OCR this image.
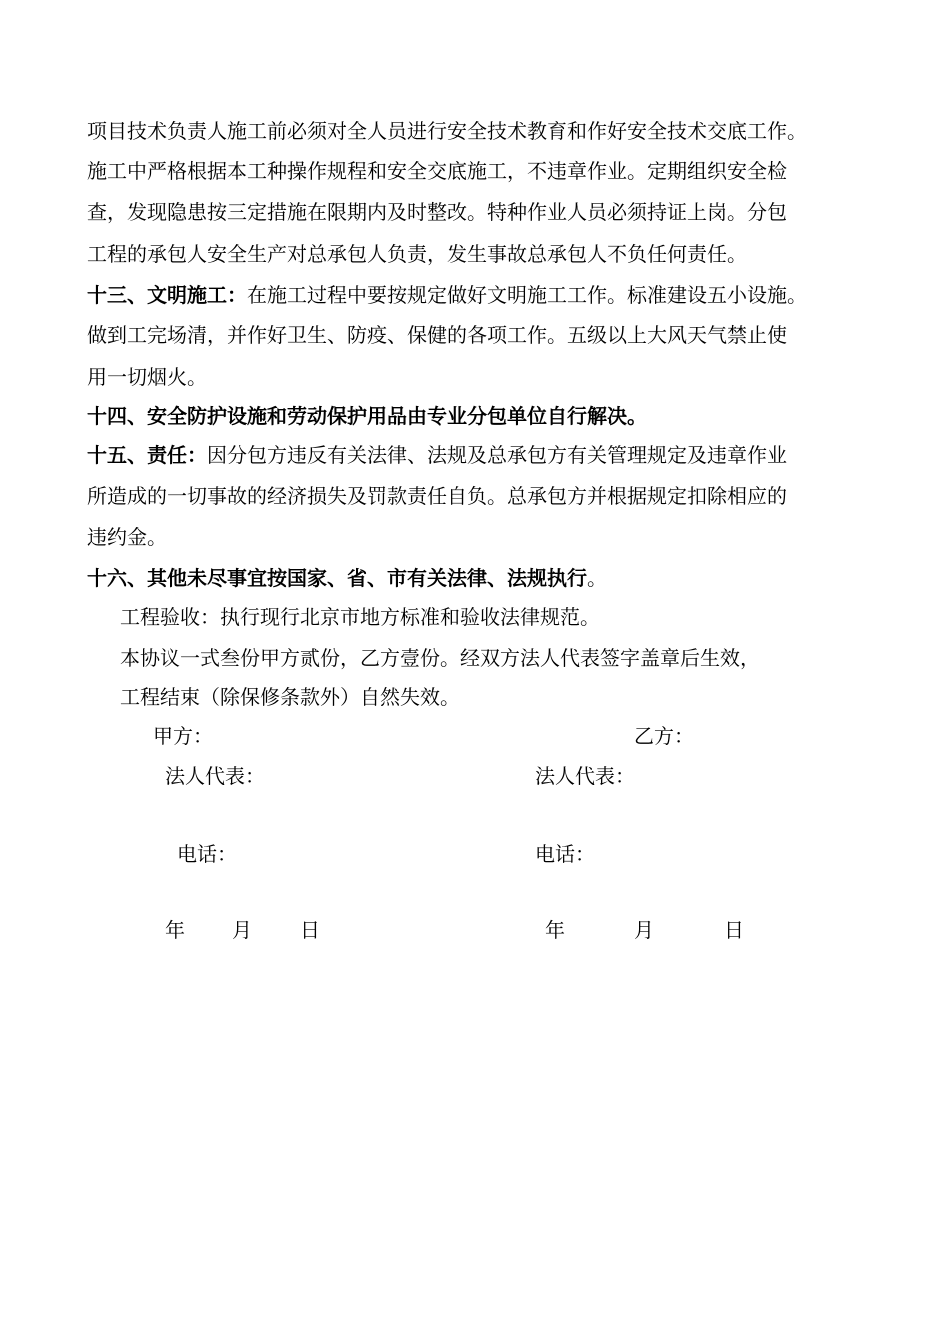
项目技术负责人施工前必须对全人员进行安全技术教育和作好安全技术交底工作。
施工中严格根据本工种操作规程和安全交底施工，不违章作业。定期组织安全检
查，发现隐患按三定措施在限期内及时整改。特种作业人员必须持证上岗。分包
工程的承包人安全生产对总承包人负责，发生事故总承包人不负任何责任。
十三、文明施工：在施工过程中要按规定做好文明施工工作。标准建设五小设施。
做到工完场清，并作好卫生、防疫、保健的各项工作。五级以上大风天气禁止使
用一切烟火。
十四、安全防护设施和劳动保护用品由专业分包单位自行解决。
十五、责任：因分包方违反有关法律、法规及总承包方有关管理规定及违章作业
所造成的一切事故的经济损失及罚款责任自负。总承包方并根据规定扣除相应的
违约金。
十六、其他未尽事宜按国家、省、市有关法律、法规执行。
工程验收：执行现行北京市地方标准和验收法律规范。
本协议一式叁份甲方贰份，乙方壹份。经双方法人代表签字盖章后生效，
工程结束（除保修条款外）自然失效。
甲方：
法人代表：
电话：
年 月 日
乙方：
法人代表：
电话：
年	月	日
